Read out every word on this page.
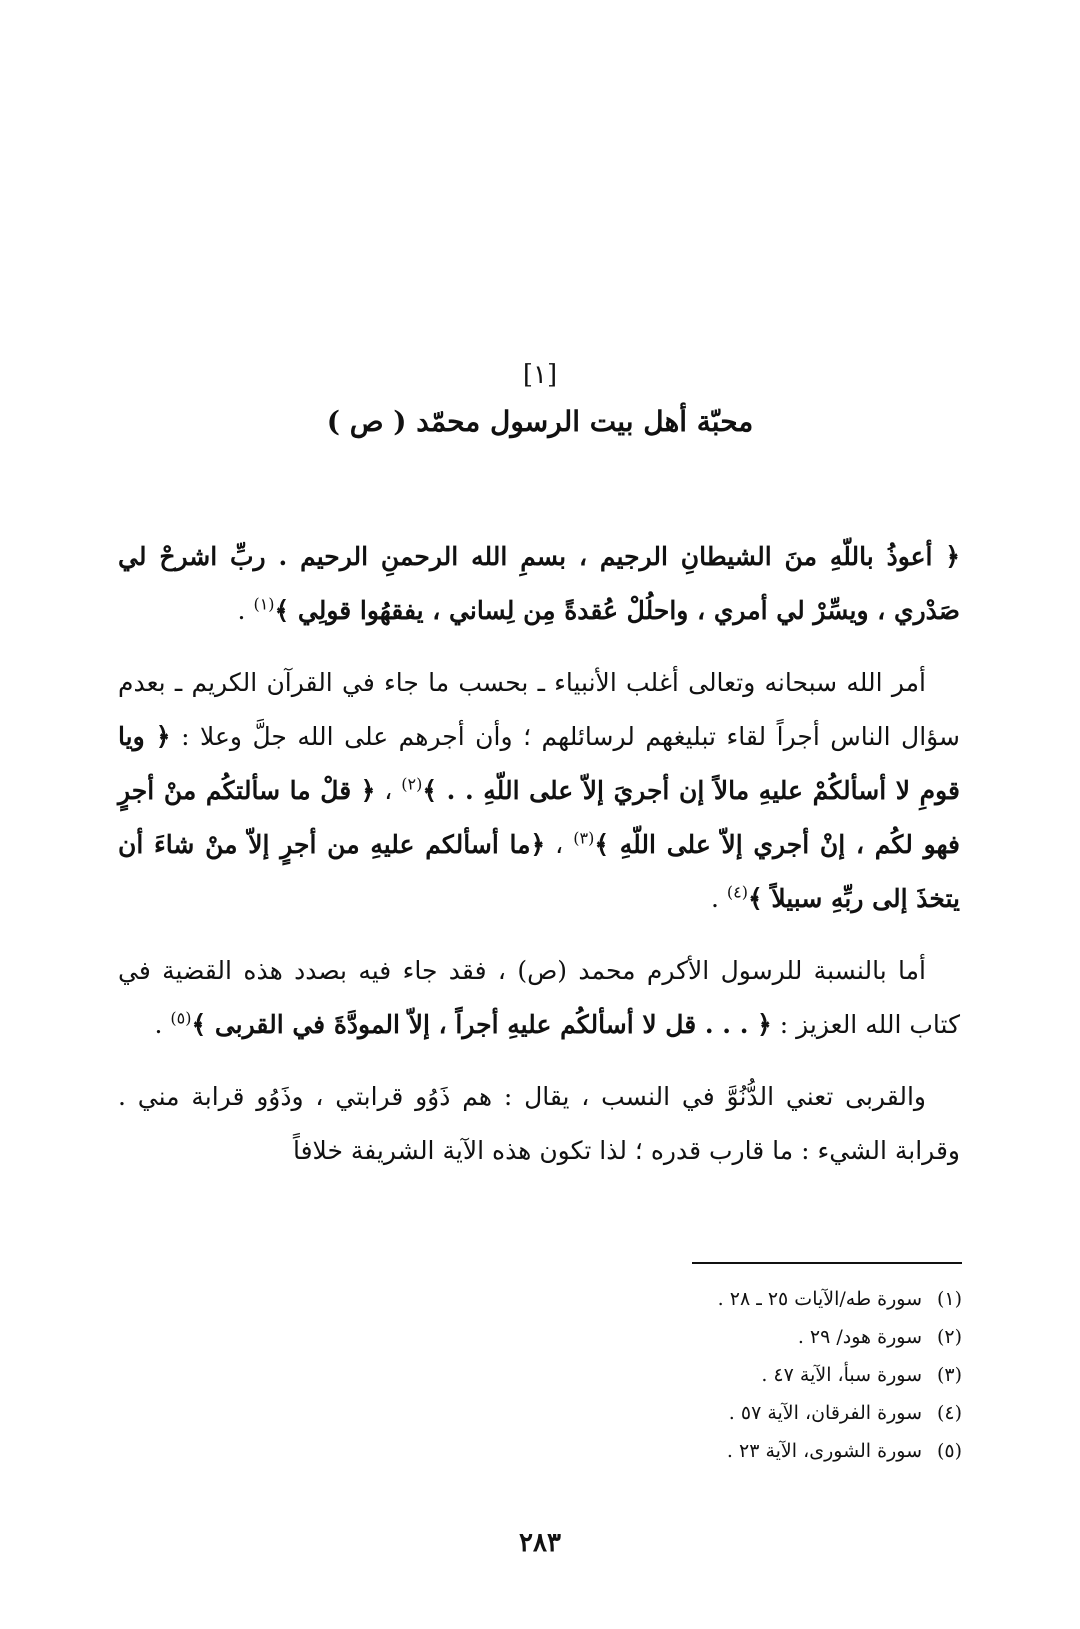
[١]
محبّة أهل بيت الرسول محمّد ( ص )

﴿ أعوذُ باللّهِ منَ الشيطانِ الرجيم ، بسمِ الله الرحمنِ الرحيم . ربِّ اشرحْ لي صَدْري ، ويسِّرْ لي أمري ، واحلُلْ عُقدةً مِن لِساني ، يفقهُوا قولِي ﴾$^{(١)}$ .

أمر الله سبحانه وتعالى أغلب الأنبياء ـ بحسب ما جاء في القرآن الكريم ـ بعدم سؤال الناس أجراً لقاء تبليغهم لرسائلهم ؛ وأن أجرهم على الله جلَّ وعلا : ﴿ ويا قومِ لا أسألكُمْ عليهِ مالاً إن أجريَ إلاّ على اللّهِ . . ﴾$^{(٢)}$ ، ﴿ قلْ ما سألتكُم منْ أجرٍ فهو لكُم ، إنْ أجري إلاّ على اللّهِ ﴾$^{(٣)}$ ، ﴿ما أسألكم عليهِ من أجرٍ إلاّ منْ شاءَ أن يتخذَ إلى ربِّهِ سبيلاً ﴾$^{(٤)}$ .

أما بالنسبة للرسول الأكرم محمد (ص) ، فقد جاء فيه بصدد هذه القضية في كتاب الله العزيز : ﴿ . . . قل لا أسألكُم عليهِ أجراً ، إلاّ المودَّةَ في القربى ﴾$^{(٥)}$ .

والقربى تعني الدُّنُوَّ في النسب ، يقال : هم ذَوُو قرابتي ، وذَوُو قرابة مني . وقرابة الشيء : ما قارب قدره ؛ لذا تكون هذه الآية الشريفة خلافاً

(١)سورة طه/الآيات ٢٥ ـ ٢٨ .
(٢)سورة هود/ ٢٩ .
(٣)سورة سبأ، الآية ٤٧ .
(٤)سورة الفرقان، الآية ٥٧ .
(٥)سورة الشورى، الآية ٢٣ .
٢٨٣
